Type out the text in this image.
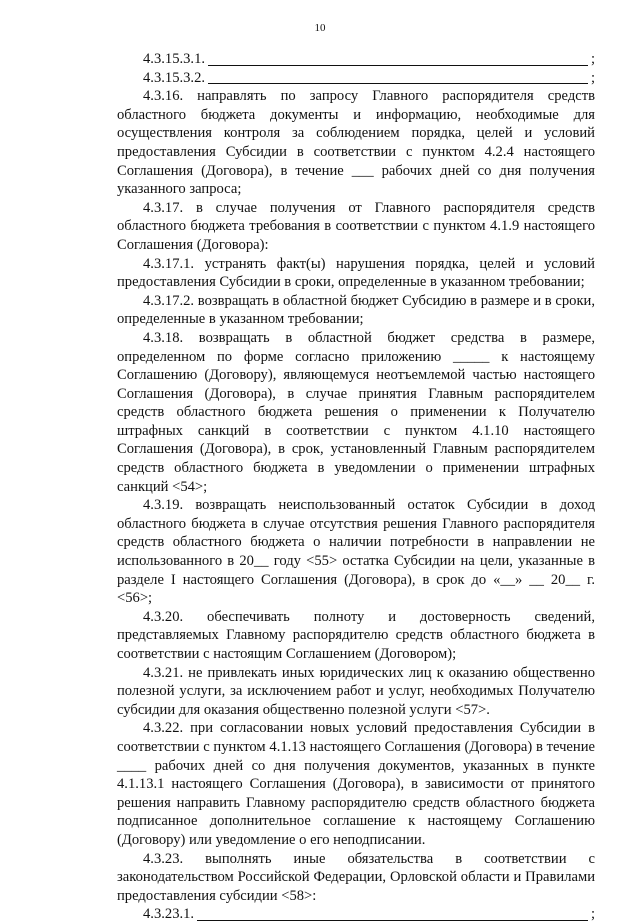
10
4.3.15.3.1.	;
4.3.15.3.2.	;

4.3.16. направлять по запросу Главного распорядителя средств областного бюджета документы и информацию, необходимые для осуществления контроля за соблюдением порядка, целей и условий предоставления Субсидии в соответствии с пунктом 4.2.4 настоящего Соглашения (Договора), в течение ___ рабочих дней со дня получения указанного запроса;

4.3.17. в случае получения от Главного распорядителя средств областного бюджета требования в соответствии с пунктом 4.1.9 настоящего Соглашения (Договора):

4.3.17.1. устранять факт(ы) нарушения порядка, целей и условий предоставления Субсидии в сроки, определенные в указанном требовании;

4.3.17.2. возвращать в областной бюджет Субсидию в размере и в сроки, определенные в указанном требовании;

4.3.18. возвращать в областной бюджет средства в размере, определенном по форме согласно приложению _____ к настоящему Соглашению (Договору), являющемуся неотъемлемой частью настоящего Соглашения (Договора), в случае принятия Главным распорядителем средств областного бюджета решения о применении к Получателю штрафных санкций в соответствии с пунктом 4.1.10 настоящего Соглашения (Договора), в срок, установленный Главным распорядителем средств областного бюджета в уведомлении о применении штрафных санкций <54>;

4.3.19. возвращать неиспользованный остаток Субсидии в доход областного бюджета в случае отсутствия решения Главного распорядителя средств областного бюджета о наличии потребности в направлении не использованного в 20__ году <55> остатка Субсидии на цели, указанные в разделе I настоящего Соглашения (Договора), в срок до «__» __ 20__ г. <56>;

4.3.20. обеспечивать полноту и достоверность сведений, представляемых Главному распорядителю средств областного бюджета в соответствии с настоящим Соглашением (Договором);

4.3.21. не привлекать иных юридических лиц к оказанию общественно полезной услуги, за исключением работ и услуг, необходимых Получателю субсидии для оказания общественно полезной услуги <57>.

4.3.22. при согласовании новых условий предоставления Субсидии в соответствии с пунктом 4.1.13 настоящего Соглашения (Договора) в течение ____ рабочих дней со дня получения документов, указанных в пункте 4.1.13.1 настоящего Соглашения (Договора), в зависимости от принятого решения направить Главному распорядителю средств областного бюджета подписанное дополнительное соглашение к настоящему Соглашению (Договору) или уведомление о его неподписании.

4.3.23. выполнять иные обязательства в соответствии с законодательством Российской Федерации, Орловской области и Правилами предоставления субсидии <58>:

4.3.23.1.	;
